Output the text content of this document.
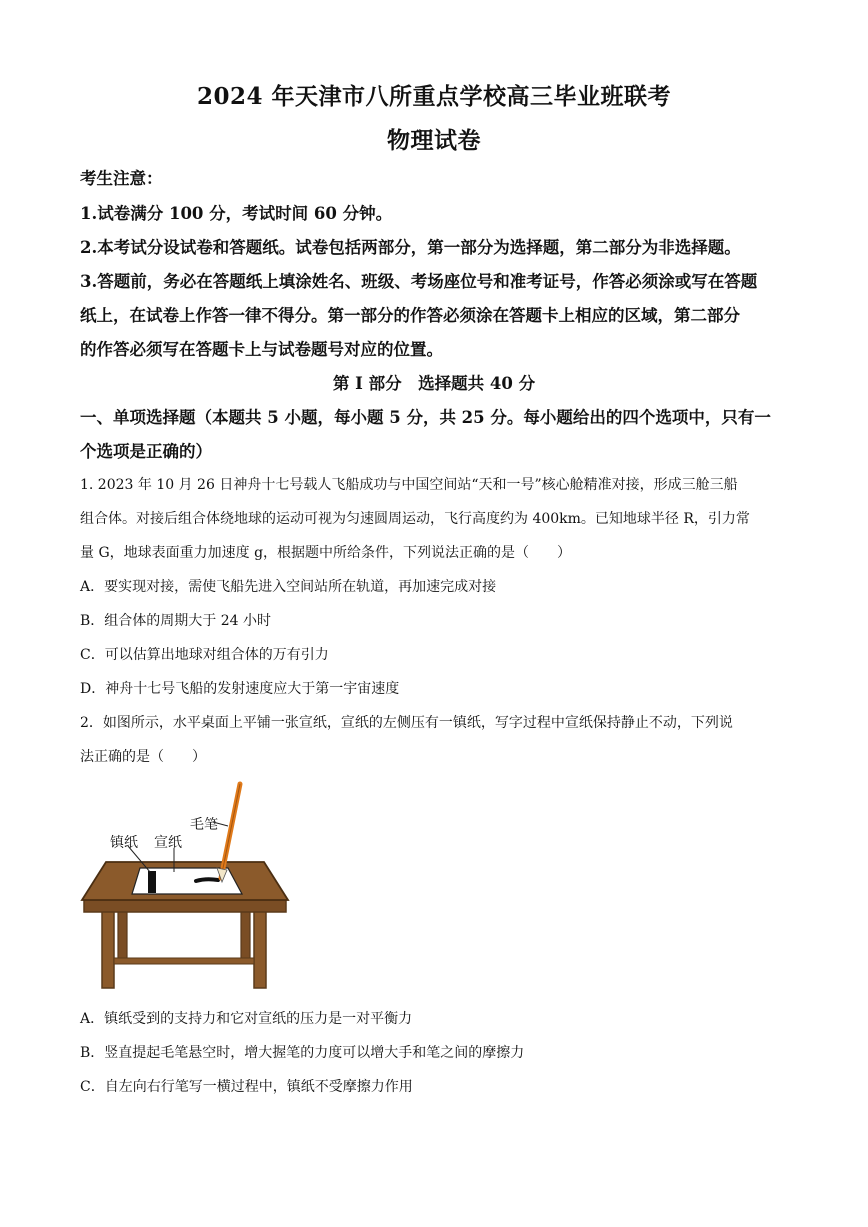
2024 年天津市八所重点学校高三毕业班联考
物理试卷
考生注意：
1.试卷满分 100 分，考试时间 60 分钟。
2.本考试分设试卷和答题纸。试卷包括两部分，第一部分为选择题，第二部分为非选择题。
3.答题前，务必在答题纸上填涂姓名、班级、考场座位号和准考证号，作答必须涂或写在答题
纸上，在试卷上作答一律不得分。第一部分的作答必须涂在答题卡上相应的区域，第二部分
的作答必须写在答题卡上与试卷题号对应的位置。
第 I 部分　选择题共 40 分
一、单项选择题（本题共 5 小题，每小题 5 分，共 25 分。每小题给出的四个选项中，只有一
个选项是正确的）
1. 2023 年 10 月 26 日神舟十七号载人飞船成功与中国空间站“天和一号”核心舱精准对接，形成三舱三船
组合体。对接后组合体绕地球的运动可视为匀速圆周运动，飞行高度约为 400km。已知地球半径 R，引力常
量 G，地球表面重力加速度 g，根据题中所给条件，下列说法正确的是（　　）
A．要实现对接，需使飞船先进入空间站所在轨道，再加速完成对接
B．组合体的周期大于 24 小时
C．可以估算出地球对组合体的万有引力
D．神舟十七号飞船的发射速度应大于第一宇宙速度
2．如图所示，水平桌面上平铺一张宣纸，宣纸的左侧压有一镇纸，写字过程中宣纸保持静止不动，下列说
法正确的是（　　）
毛笔
镇纸 宣纸
A．镇纸受到的支持力和它对宣纸的压力是一对平衡力
B．竖直提起毛笔悬空时，增大握笔的力度可以增大手和笔之间的摩擦力
C．自左向右行笔写一横过程中，镇纸不受摩擦力作用
